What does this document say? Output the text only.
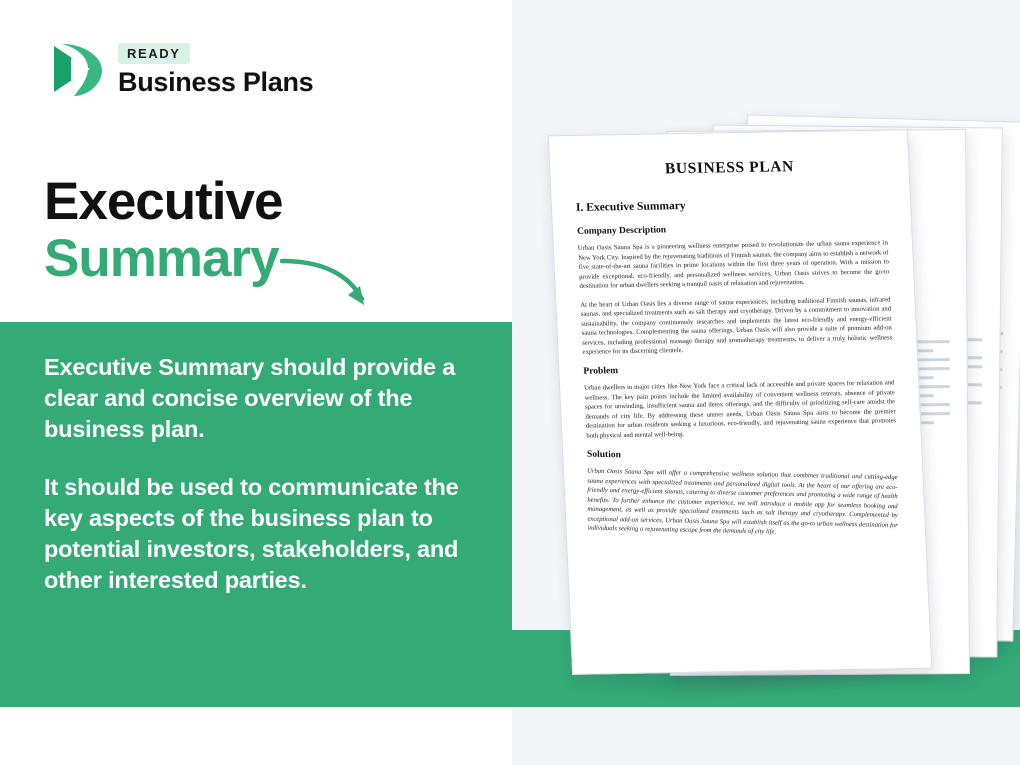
READY
Business Plans
Executive
Summary

Executive Summary should provide a clear and concise overview of the business plan.

It should be used to communicate the key aspects of the business plan to potential investors, stakeholders, and other interested parties.

BUSINESS PLAN
I. Executive Summary
Company Description

Urban Oasis Sauna Spa is a pioneering wellness enterprise poised to revolutionize the urban sauna experience in New York City. Inspired by the rejuvenating traditions of Finnish saunas, the company aims to establish a network of five state-of-the-art sauna facilities in prime locations within the first three years of operation. With a mission to provide exceptional, eco-friendly, and personalized wellness services, Urban Oasis strives to become the go-to destination for urban dwellers seeking a tranquil oasis of relaxation and rejuvenation.

At the heart of Urban Oasis lies a diverse range of sauna experiences, including traditional Finnish saunas, infrared saunas, and specialized treatments such as salt therapy and cryotherapy. Driven by a commitment to innovation and sustainability, the company continuously researches and implements the latest eco-friendly and energy-efficient sauna technologies. Complementing the sauna offerings, Urban Oasis will also provide a suite of premium add-on services, including professional massage therapy and aromatherapy treatments, to deliver a truly holistic wellness experience for its discerning clientele.

Problem

Urban dwellers in major cities like New York face a critical lack of accessible and private spaces for relaxation and wellness. The key pain points include the limited availability of convenient wellness retreats, absence of private spaces for unwinding, insufficient sauna and detox offerings, and the difficulty of prioritizing self-care amidst the demands of city life. By addressing these unmet needs, Urban Oasis Sauna Spa aims to become the premier destination for urban residents seeking a luxurious, eco-friendly, and rejuvenating sauna experience that promotes both physical and mental well-being.

Solution

Urban Oasis Sauna Spa will offer a comprehensive wellness solution that combines traditional and cutting-edge sauna experiences with specialized treatments and personalized digital tools. At the heart of our offering are eco-friendly and energy-efficient saunas, catering to diverse customer preferences and promoting a wide range of health benefits. To further enhance the customer experience, we will introduce a mobile app for seamless booking and management, as well as provide specialized treatments such as salt therapy and cryotherapy. Complemented by exceptional add-on services, Urban Oasis Sauna Spa will establish itself as the go-to urban wellness destination for individuals seeking a rejuvenating escape from the demands of city life.
